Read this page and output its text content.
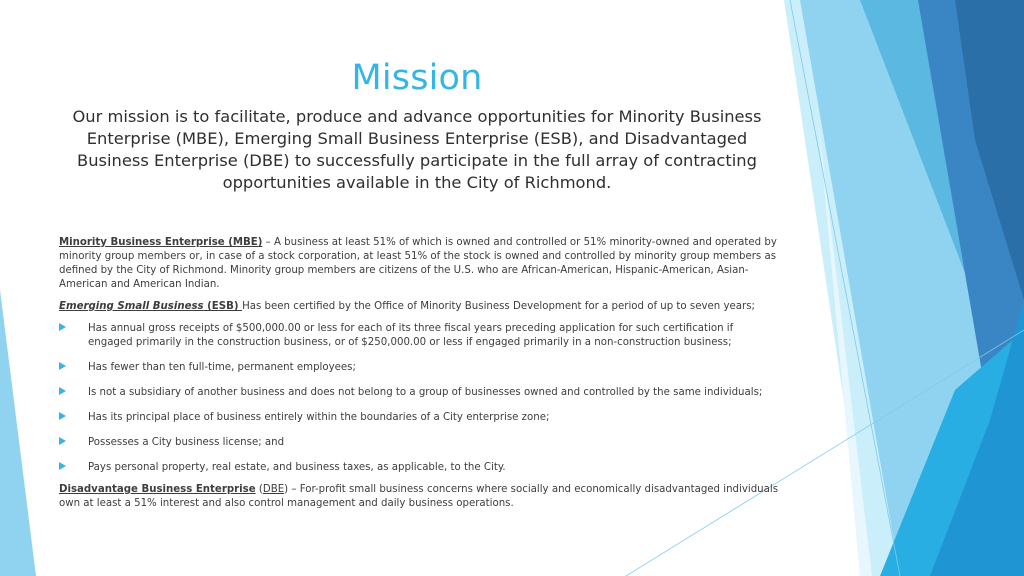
Mission
Our mission is to facilitate, produce and advance opportunities for Minority Business Enterprise (MBE), Emerging Small Business Enterprise (ESB), and Disadvantaged Business Enterprise (DBE) to successfully participate in the full array of contracting opportunities available in the City of Richmond.

Minority Business Enterprise (MBE) – A business at least 51% of which is owned and controlled or 51% minority-owned and operated by minority group members or, in case of a stock corporation, at least 51% of the stock is owned and controlled by minority group members as defined by the City of Richmond. Minority group members are citizens of the U.S. who are African-American, Hispanic-American, Asian-American and American Indian.

Emerging Small Business (ESB) Has been certified by the Office of Minority Business Development for a period of up to seven years;

Has annual gross receipts of $500,000.00 or less for each of its three fiscal years preceding application for such certification if engaged primarily in the construction business, or of $250,000.00 or less if engaged primarily in a non-construction business;
Has fewer than ten full-time, permanent employees;
Is not a subsidiary of another business and does not belong to a group of businesses owned and controlled by the same individuals;
Has its principal place of business entirely within the boundaries of a City enterprise zone;
Possesses a City business license; and
Pays personal property, real estate, and business taxes, as applicable, to the City.

Disadvantage Business Enterprise (DBE) – For-profit small business concerns where socially and economically disadvantaged individuals own at least a 51% interest and also control management and daily business operations.
